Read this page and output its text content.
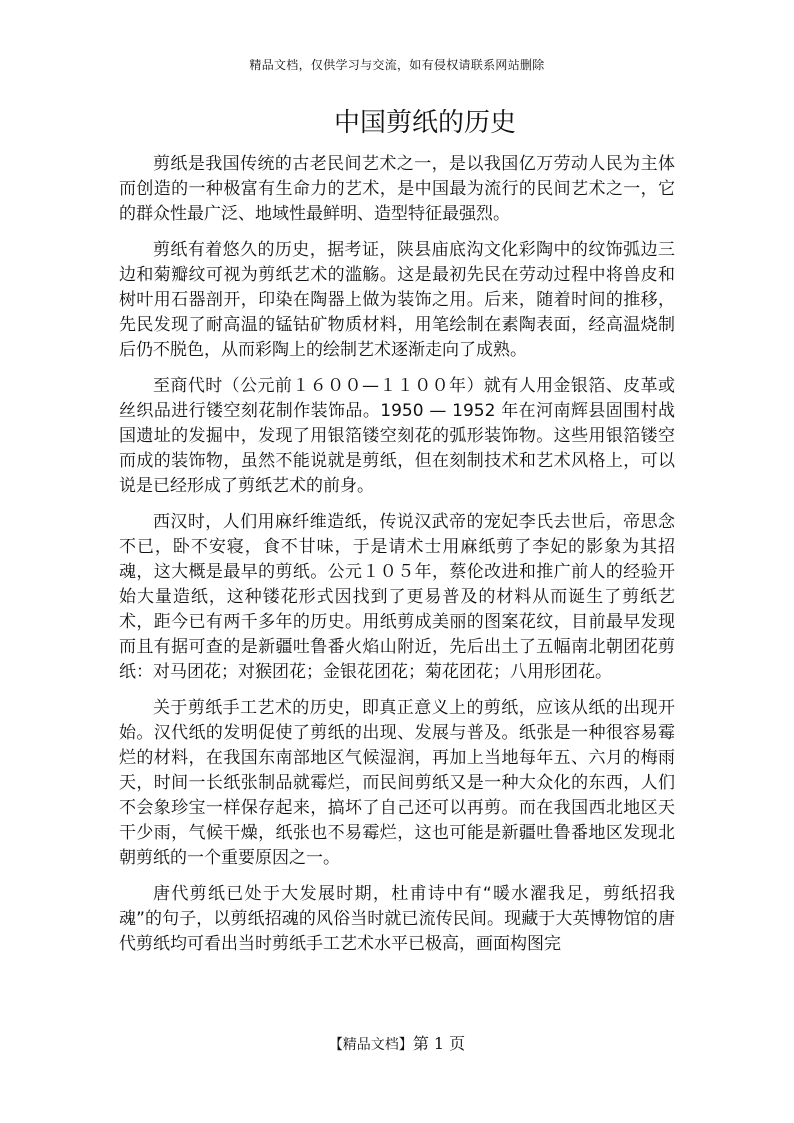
精品文档，仅供学习与交流，如有侵权请联系网站删除
中国剪纸的历史

剪纸是我国传统的古老民间艺术之一，是以我国亿万劳动人民为主体而创造的一种极富有生命力的艺术，是中国最为流行的民间艺术之一，它的群众性最广泛、地域性最鲜明、造型特征最强烈。

剪纸有着悠久的历史，据考证，陕县庙底沟文化彩陶中的纹饰弧边三边和菊瓣纹可视为剪纸艺术的滥觞。这是最初先民在劳动过程中将兽皮和树叶用石器剖开，印染在陶器上做为装饰之用。后来，随着时间的推移，先民发现了耐高温的锰钴矿物质材料，用笔绘制在素陶表面，经高温烧制后仍不脱色，从而彩陶上的绘制艺术逐渐走向了成熟。

至商代时（公元前１６００—１１００年）就有人用金银箔、皮革或丝织品进行镂空刻花制作装饰品。1950 — 1952 年在河南辉县固围村战国遗址的发掘中，发现了用银箔镂空刻花的弧形装饰物。这些用银箔镂空而成的装饰物，虽然不能说就是剪纸，但在刻制技术和艺术风格上，可以说是已经形成了剪纸艺术的前身。

西汉时，人们用麻纤维造纸，传说汉武帝的宠妃李氏去世后，帝思念不已，卧不安寝，食不甘味，于是请术士用麻纸剪了李妃的影象为其招魂，这大概是最早的剪纸。公元１０５年，蔡伦改进和推广前人的经验开始大量造纸，这种镂花形式因找到了更易普及的材料从而诞生了剪纸艺术，距今已有两千多年的历史。用纸剪成美丽的图案花纹，目前最早发现而且有据可查的是新疆吐鲁番火焰山附近，先后出土了五幅南北朝团花剪纸：对马团花；对猴团花；金银花团花；菊花团花；八用形团花。

关于剪纸手工艺术的历史，即真正意义上的剪纸，应该从纸的出现开始。汉代纸的发明促使了剪纸的出现、发展与普及。纸张是一种很容易霉烂的材料，在我国东南部地区气候湿润，再加上当地每年五、六月的梅雨天，时间一长纸张制品就霉烂，而民间剪纸又是一种大众化的东西，人们不会象珍宝一样保存起来，搞坏了自己还可以再剪。而在我国西北地区天干少雨，气候干燥，纸张也不易霉烂，这也可能是新疆吐鲁番地区发现北朝剪纸的一个重要原因之一。

唐代剪纸已处于大发展时期，杜甫诗中有“暖水濯我足，剪纸招我魂”的句子，以剪纸招魂的风俗当时就已流传民间。现藏于大英博物馆的唐代剪纸均可看出当时剪纸手工艺术水平已极高，画面构图完

【精品文档】第 1 页
